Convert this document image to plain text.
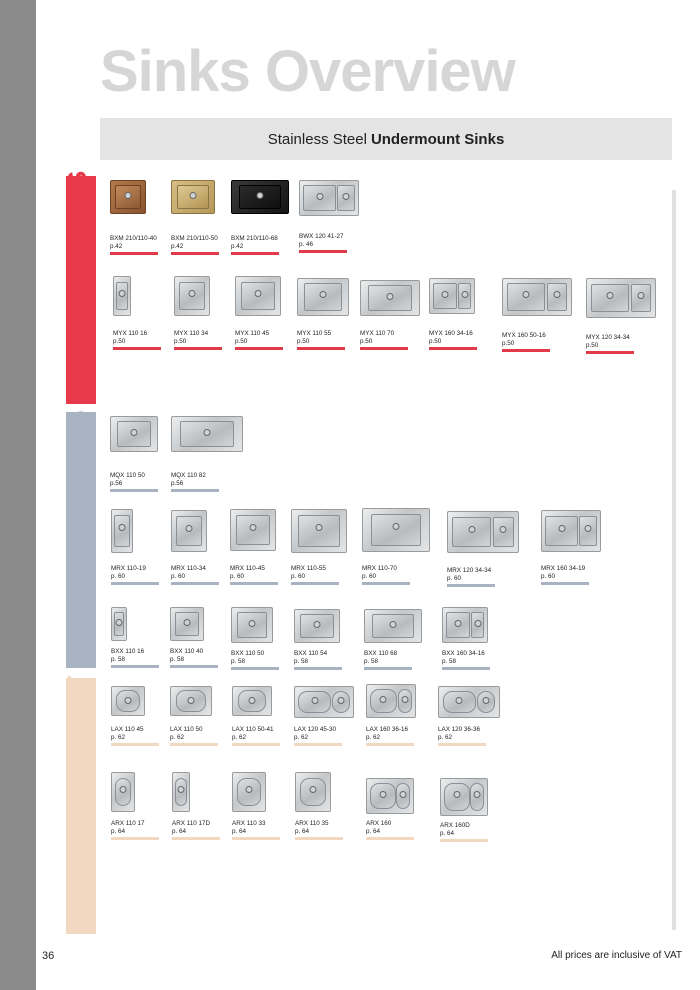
Sinks Overview
Stainless Steel Undermount Sinks
MYTHOS
MARIS
SMART
BXM 210/110-40
p.42
BXM 210/110-50
p.42
BXM 210/110-68
p.42
BWX 120 41-27
p. 46
MYX 110 16
p.50
MYX 110 34
p.50
MYX 110 45
p.50
MYX 110 55
p.50
MYX 110 70
p.50
MYX 160 34-16
p.50
MYX 160 50-16
p.50
MYX 120 34-34
p.50
MQX 110 50
p.56
MQX 110 82
p.56
MRX 110-19
p. 60
MRX 110-34
p. 60
MRX 110-45
p. 60
MRX 110-55
p. 60
MRX 110-70
p. 60
MRX 120 34-34
p. 60
MRX 160 34-19
p. 60
BXX 110 16
p. 58
BXX 110 40
p. 58
BXX 110 50
p. 58
BXX 110 54
p. 58
BXX 110 68
p. 58
BXX 160 34-16
p. 58
LAX 110 45
p. 62
LAX 110 50
p. 62
LAX 110 50-41
p. 62
LAX 120 45-30
p. 62
LAX 160 36-16
p. 62
LAX 120 36-36
p. 62
ARX 110 17
p. 64
ARX 110 17D
p. 64
ARX 110 33
p. 64
ARX 110 35
p. 64
ARX 160
p. 64
ARX 160D
p. 64
36	All prices are inclusive of VAT
